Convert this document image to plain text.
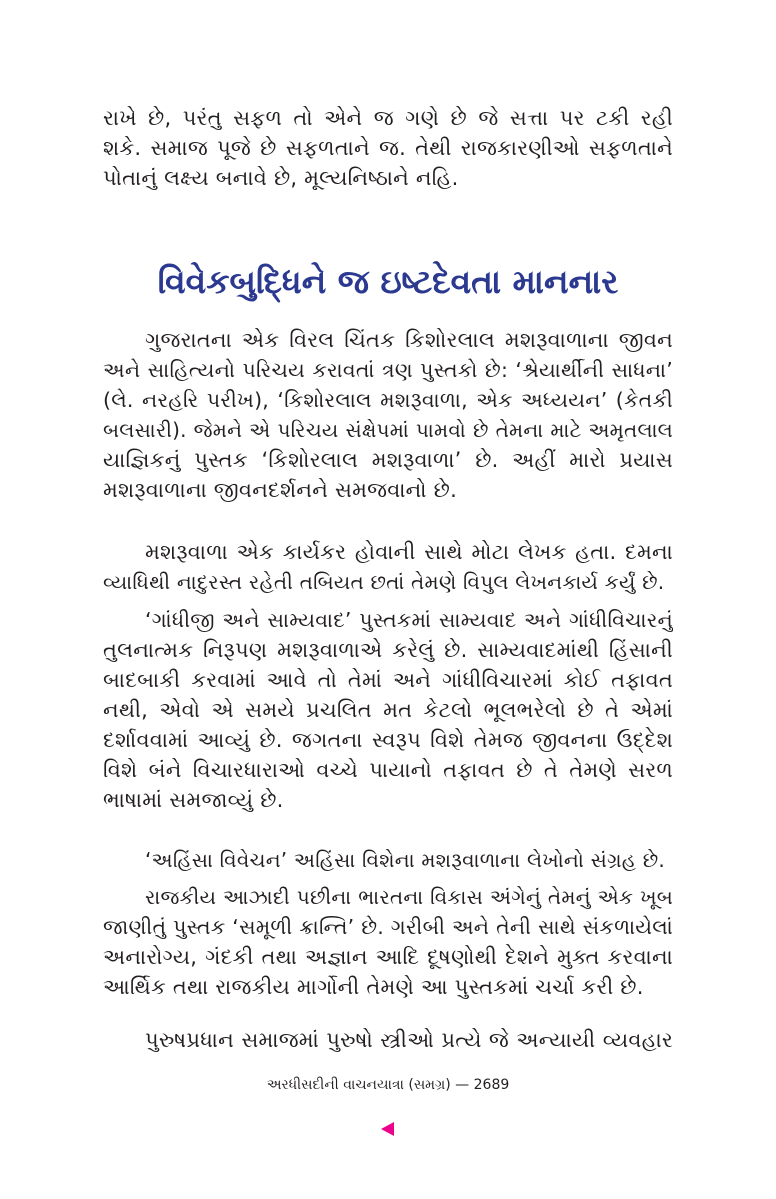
રાખે છે, પરંતુ સફળ તો એને જ ગણે છે જે સત્તા પર ટકી રહી
શકે. સમાજ પૂજે છે સફળતાને જ. તેથી રાજકારણીઓ સફળતાને
પોતાનું લક્ષ્ય બનાવે છે, મૂલ્યનિષ્ઠાને નહિ.
વિવેકબુદ્ધિને જ ઇષ્ટદેવતા માનનાર
ગુજરાતના એક વિરલ ચિંતક કિશોરલાલ મશરૂવાળાના જીવન
અને સાહિત્યનો પરિચય કરાવતાં ત્રણ પુસ્તકો છે: ‘શ્રેયાર્થીની સાધના’
(લે. નરહરિ પરીખ), ‘કિશોરલાલ મશરૂવાળા, એક અધ્યયન’ (કેતકી
બલસારી). જેમને એ પરિચય સંક્ષેપમાં પામવો છે તેમના માટે અમૃતલાલ
યાજ્ઞિકનું પુસ્તક ‘કિશોરલાલ મશરૂવાળા’ છે. અહીં મારો પ્રયાસ
મશરૂવાળાના જીવનદર્શનને સમજવાનો છે.
મશરૂવાળા એક કાર્યકર હોવાની સાથે મોટા લેખક હતા. દમના
વ્યાધિથી નાદુરસ્ત રહેતી તબિયત છતાં તેમણે વિપુલ લેખનકાર્ય કર્યું છે.
‘ગાંધીજી અને સામ્યવાદ’ પુસ્તકમાં સામ્યવાદ અને ગાંધીવિચારનું
તુલનાત્મક નિરૂપણ મશરૂવાળાએ કરેલું છે. સામ્યવાદમાંથી હિંસાની
બાદબાકી કરવામાં આવે તો તેમાં અને ગાંધીવિચારમાં કોઈ તફાવત
નથી, એવો એ સમયે પ્રચલિત મત કેટલો ભૂલભરેલો છે તે એમાં
દર્શાવવામાં આવ્યું છે. જગતના સ્વરૂપ વિશે તેમજ જીવનના ઉદ્દેશ
વિશે બંને વિચારધારાઓ વચ્ચે પાયાનો તફાવત છે તે તેમણે સરળ
ભાષામાં સમજાવ્યું છે.
‘અહિંસા વિવેચન’ અહિંસા વિશેના મશરૂવાળાના લેખોનો સંગ્રહ છે.
રાજકીય આઝાદી પછીના ભારતના વિકાસ અંગેનું તેમનું એક ખૂબ
જાણીતું પુસ્તક ‘સમૂળી ક્રાન્તિ’ છે. ગરીબી અને તેની સાથે સંકળાયેલાં
અનારોગ્ય, ગંદકી તથા અજ્ઞાન આદિ દૂષણોથી દેશને મુક્ત કરવાના
આર્થિક તથા રાજકીય માર્ગોની તેમણે આ પુસ્તકમાં ચર્ચા કરી છે.
પુરુષપ્રધાન સમાજમાં પુરુષો સ્ત્રીઓ પ્રત્યે જે અન્યાયી વ્યવહાર
અરધીસદીની વાચનયાત્રા (સમગ્ર) — 2689
